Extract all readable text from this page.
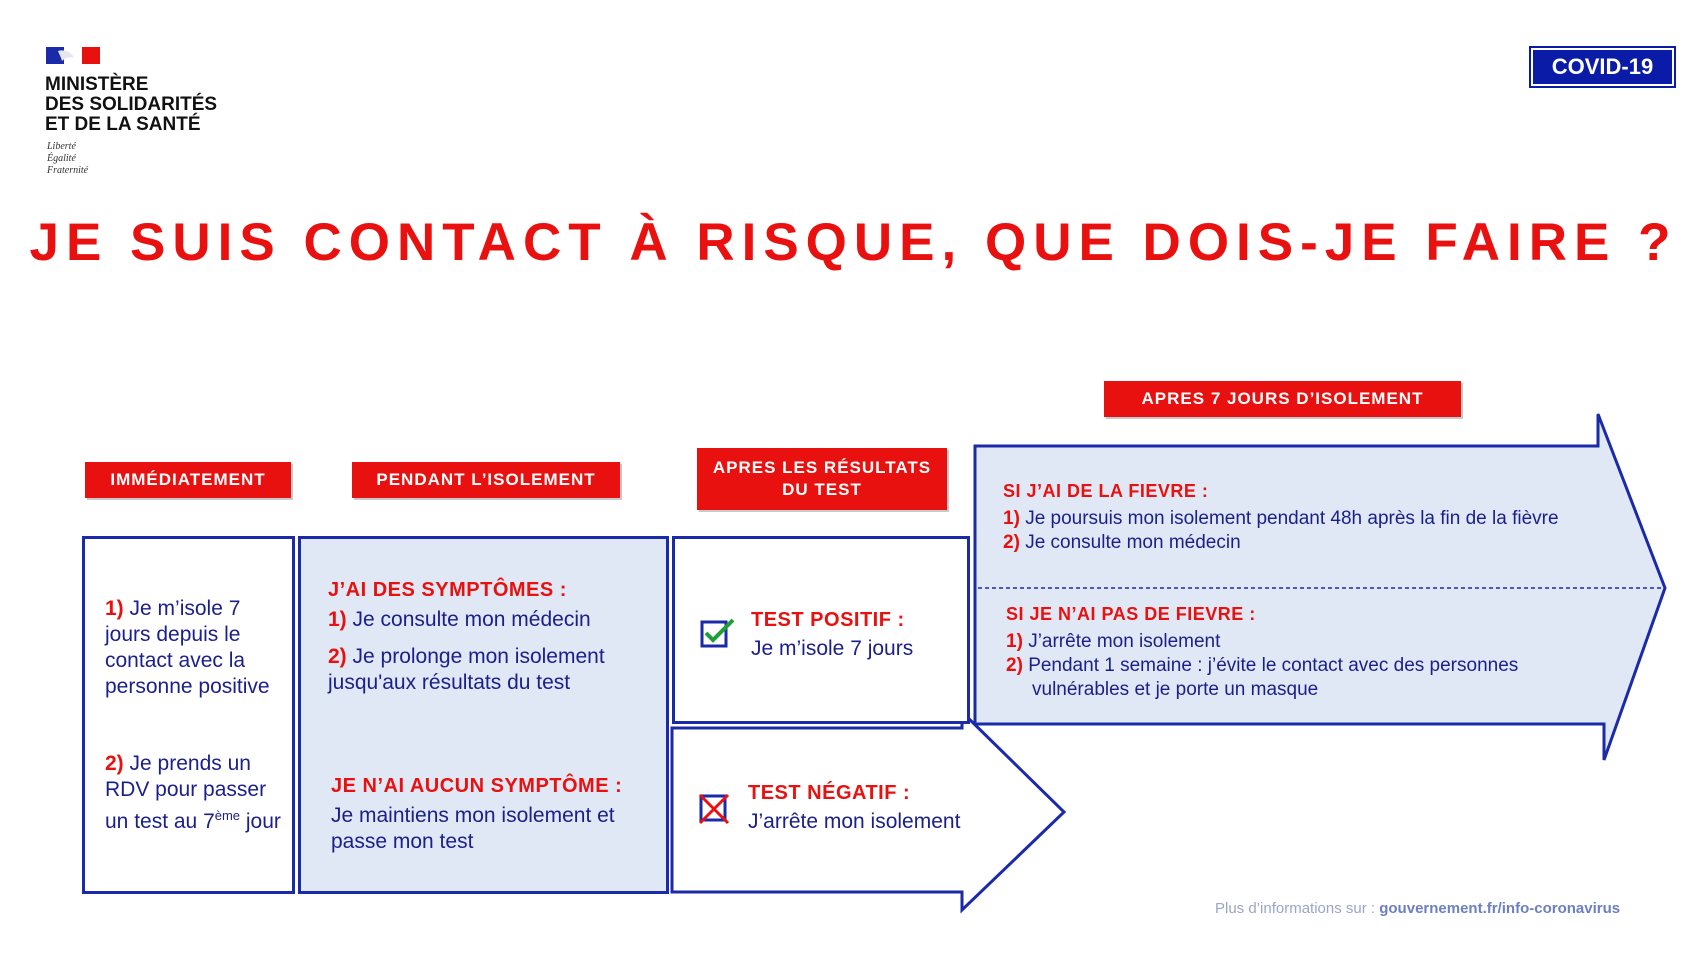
MINISTÈRE
DES SOLIDARITÉS
ET DE LA SANTÉ
Liberté
Égalité
Fraternité
COVID-19
JE SUIS CONTACT À RISQUE, QUE DOIS-JE FAIRE ?
IMMÉDIATEMENT	PENDANT L’ISOLEMENT
APRES LES RÉSULTATS
DU TEST
APRES 7 JOURS D’ISOLEMENT
1) Je m’isole 7 jours depuis le contact avec la personne positive
2) Je prends un RDV pour passer un test au 7ème jour
J’AI DES SYMPTÔMES :
1) Je consulte mon médecin
2) Je prolonge mon isolement jusqu'aux résultats du test
JE N’AI AUCUN SYMPTÔME :
Je maintiens mon isolement et passe mon test
TEST POSITIF :
Je m’isole 7 jours
TEST NÉGATIF :
J’arrête mon isolement
SI J’AI DE LA FIEVRE :
1) Je poursuis mon isolement pendant 48h après la fin de la fièvre
2) Je consulte mon médecin
SI JE N’AI PAS DE FIEVRE :
1) J’arrête mon isolement
2) Pendant 1 semaine : j’évite le contact avec des personnes
vulnérables et je porte un masque
Plus d’informations sur : gouvernement.fr/info-coronavirus
